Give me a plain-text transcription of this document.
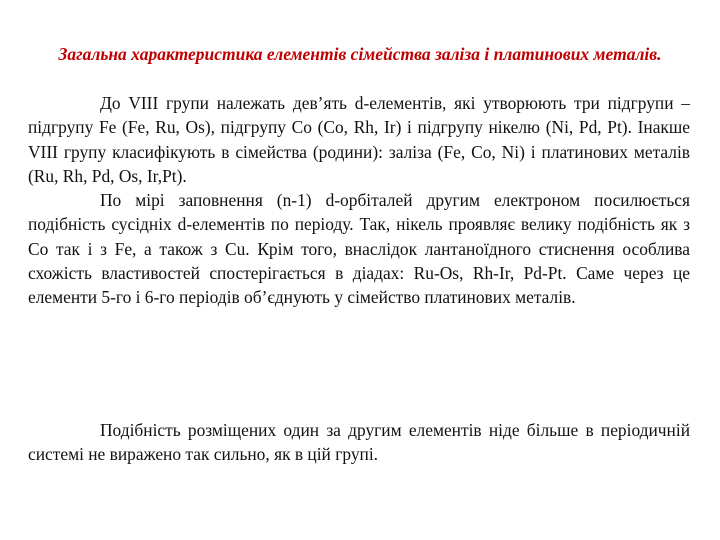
Загальна характеристика елементів сімейства заліза і платинових металів.

До VIII групи належать дев’ять d-елементів, які утворюють три підгрупи – підгрупу Fe (Fe, Ru, Os), підгрупу Co (Co, Rh, Ir) і підгрупу нікелю (Ni, Pd, Pt). Інакше VIII групу класифікують в сімейства (родини): заліза (Fe, Co, Ni) і платинових металів (Ru, Rh, Pd, Os, Ir,Pt).

По мірі заповнення (n-1) d-орбіталей другим електроном посилюється подібність сусідніх d-елементів по періоду. Так, нікель проявляє велику подібність як з Co так і з Fe, а також з Cu. Крім того, внаслідок лантаноїдного стиснення особлива схожість властивостей спостерігається в діадах: Ru-Os, Rh-Ir, Pd-Pt. Саме через це елементи 5-го і 6-го періодів об’єднують у сімейство платинових металів.

Подібність розміщених один за другим елементів ніде більше в періодичній системі не виражено так сильно, як в цій групі.
